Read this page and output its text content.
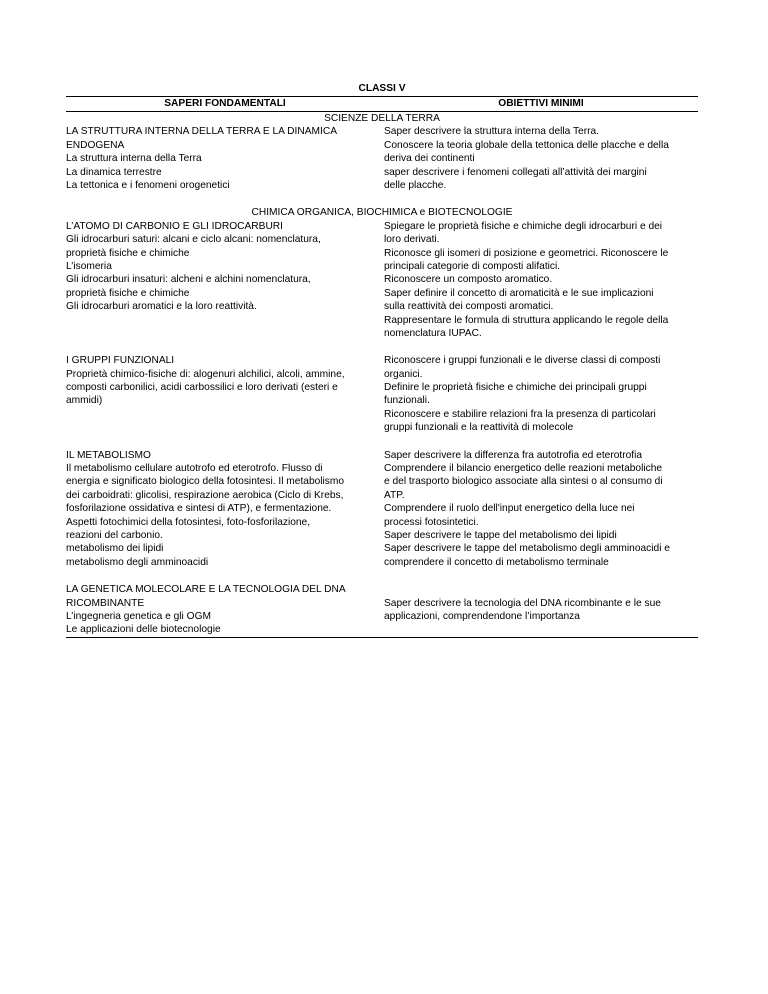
CLASSI V
SAPERI FONDAMENTALI	OBIETTIVI MINIMI
SCIENZE DELLA TERRA
LA STRUTTURA INTERNA DELLA TERRA E LA DINAMICA
ENDOGENA
La struttura interna della Terra
La dinamica terrestre
La tettonica e i fenomeni orogenetici
Saper descrivere la struttura interna della Terra.
Conoscere la teoria globale della tettonica delle placche e della
deriva dei continenti
saper descrivere i fenomeni collegati all’attività dei margini
delle placche.
CHIMICA ORGANICA, BIOCHIMICA e BIOTECNOLOGIE
L’ATOMO DI CARBONIO E GLI IDROCARBURI
Gli idrocarburi saturi: alcani e ciclo alcani: nomenclatura,
proprietà fisiche e chimiche
L’isomeria
Gli idrocarburi insaturi: alcheni e alchini nomenclatura,
proprietà fisiche e chimiche
Gli idrocarburi aromatici e la loro reattività.
Spiegare le proprietà fisiche e chimiche degli idrocarburi e dei
loro derivati.
Riconosce gli isomeri di posizione e geometrici. Riconoscere le
principali categorie di composti alifatici.
Riconoscere un composto aromatico.
Saper definire il concetto di aromaticità e le sue implicazioni
sulla reattività dei composti aromatici.
Rappresentare le formula di struttura applicando le regole della
nomenclatura IUPAC.
I GRUPPI FUNZIONALI
Proprietà chimico-fisiche di: alogenuri alchilici, alcoli, ammine,
composti carbonilici, acidi carbossilici e loro derivati (esteri e
ammidi)
Riconoscere i gruppi funzionali e le diverse classi di composti
organici.
Definire le proprietà fisiche e chimiche dei principali gruppi
funzionali.
Riconoscere e stabilire relazioni fra la presenza di particolari
gruppi funzionali e la reattività di molecole
IL METABOLISMO
Il metabolismo cellulare autotrofo ed eterotrofo. Flusso di
energia e significato biologico della fotosintesi. Il metabolismo
dei carboidrati: glicolisi, respirazione aerobica (Ciclo di Krebs,
fosforilazione ossidativa e sintesi di ATP), e fermentazione.
Aspetti fotochimici della fotosintesi, foto-fosforilazione,
reazioni del carbonio.
metabolismo dei lipidi
metabolismo degli amminoacidi
Saper descrivere la differenza fra autotrofia ed eterotrofia
Comprendere il bilancio energetico delle reazioni metaboliche
e del trasporto biologico associate alla sintesi o al consumo di
ATP.
Comprendere il ruolo dell'input energetico della luce nei
processi fotosintetici.
Saper descrivere le tappe del metabolismo dei lipidi
Saper descrivere le tappe del metabolismo degli amminoacidi e
comprendere il concetto di metabolismo terminale
LA GENETICA MOLECOLARE E LA TECNOLOGIA DEL DNA
RICOMBINANTE
L’ingegneria genetica e gli OGM
Le applicazioni delle biotecnologie
Saper descrivere la tecnologia del DNA ricombinante e le sue
applicazioni, comprendendone l’importanza
